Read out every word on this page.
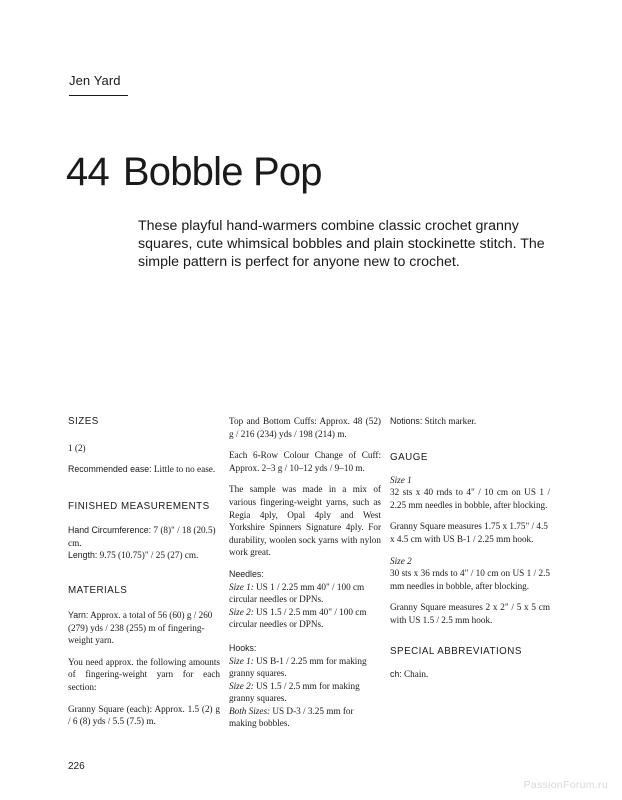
Jen Yard
44 Bobble Pop
These playful hand-warmers combine classic crochet granny squares, cute whimsical bobbles and plain stockinette stitch. The simple pattern is perfect for anyone new to crochet.
SIZES
1 (2)
Recommended ease: Little to no ease.
FINISHED MEASUREMENTS
Hand Circumference: 7 (8)" / 18 (20.5) cm.
Length: 9.75 (10.75)" / 25 (27) cm.
MATERIALS
Yarn: Approx. a total of 56 (60) g / 260 (279) yds / 238 (255) m of fingering-weight yarn.
You need approx. the following amounts of fingering-weight yarn for each section:
Granny Square (each): Approx. 1.5 (2) g / 6 (8) yds / 5.5 (7.5) m.
Top and Bottom Cuffs: Approx. 48 (52) g / 216 (234) yds / 198 (214) m.
Each 6-Row Colour Change of Cuff: Approx. 2–3 g / 10–12 yds / 9–10 m.
The sample was made in a mix of various fingering-weight yarns, such as Regia 4ply, Opal 4ply and West Yorkshire Spinners Signature 4ply. For durability, woolen sock yarns with nylon work great.
Needles:
Size 1: US 1 / 2.25 mm 40" / 100 cm circular needles or DPNs.
Size 2: US 1.5 / 2.5 mm 40" / 100 cm circular needles or DPNs.
Hooks:
Size 1: US B-1 / 2.25 mm for making granny squares.
Size 2: US 1.5 / 2.5 mm for making granny squares.
Both Sizes: US D-3 / 3.25 mm for making bobbles.
Notions: Stitch marker.
GAUGE
Size 1
32 sts x 40 rnds to 4" / 10 cm on US 1 / 2.25 mm needles in bobble, after blocking.
Granny Square measures 1.75 x 1.75" / 4.5 x 4.5 cm with US B-1 / 2.25 mm hook.
Size 2
30 sts x 36 rnds to 4" / 10 cm on US 1 / 2.5 mm needles in bobble, after blocking.
Granny Square measures 2 x 2" / 5 x 5 cm with US 1.5 / 2.5 mm hook.
SPECIAL ABBREVIATIONS
ch: Chain.
226
PassionForum.ru
